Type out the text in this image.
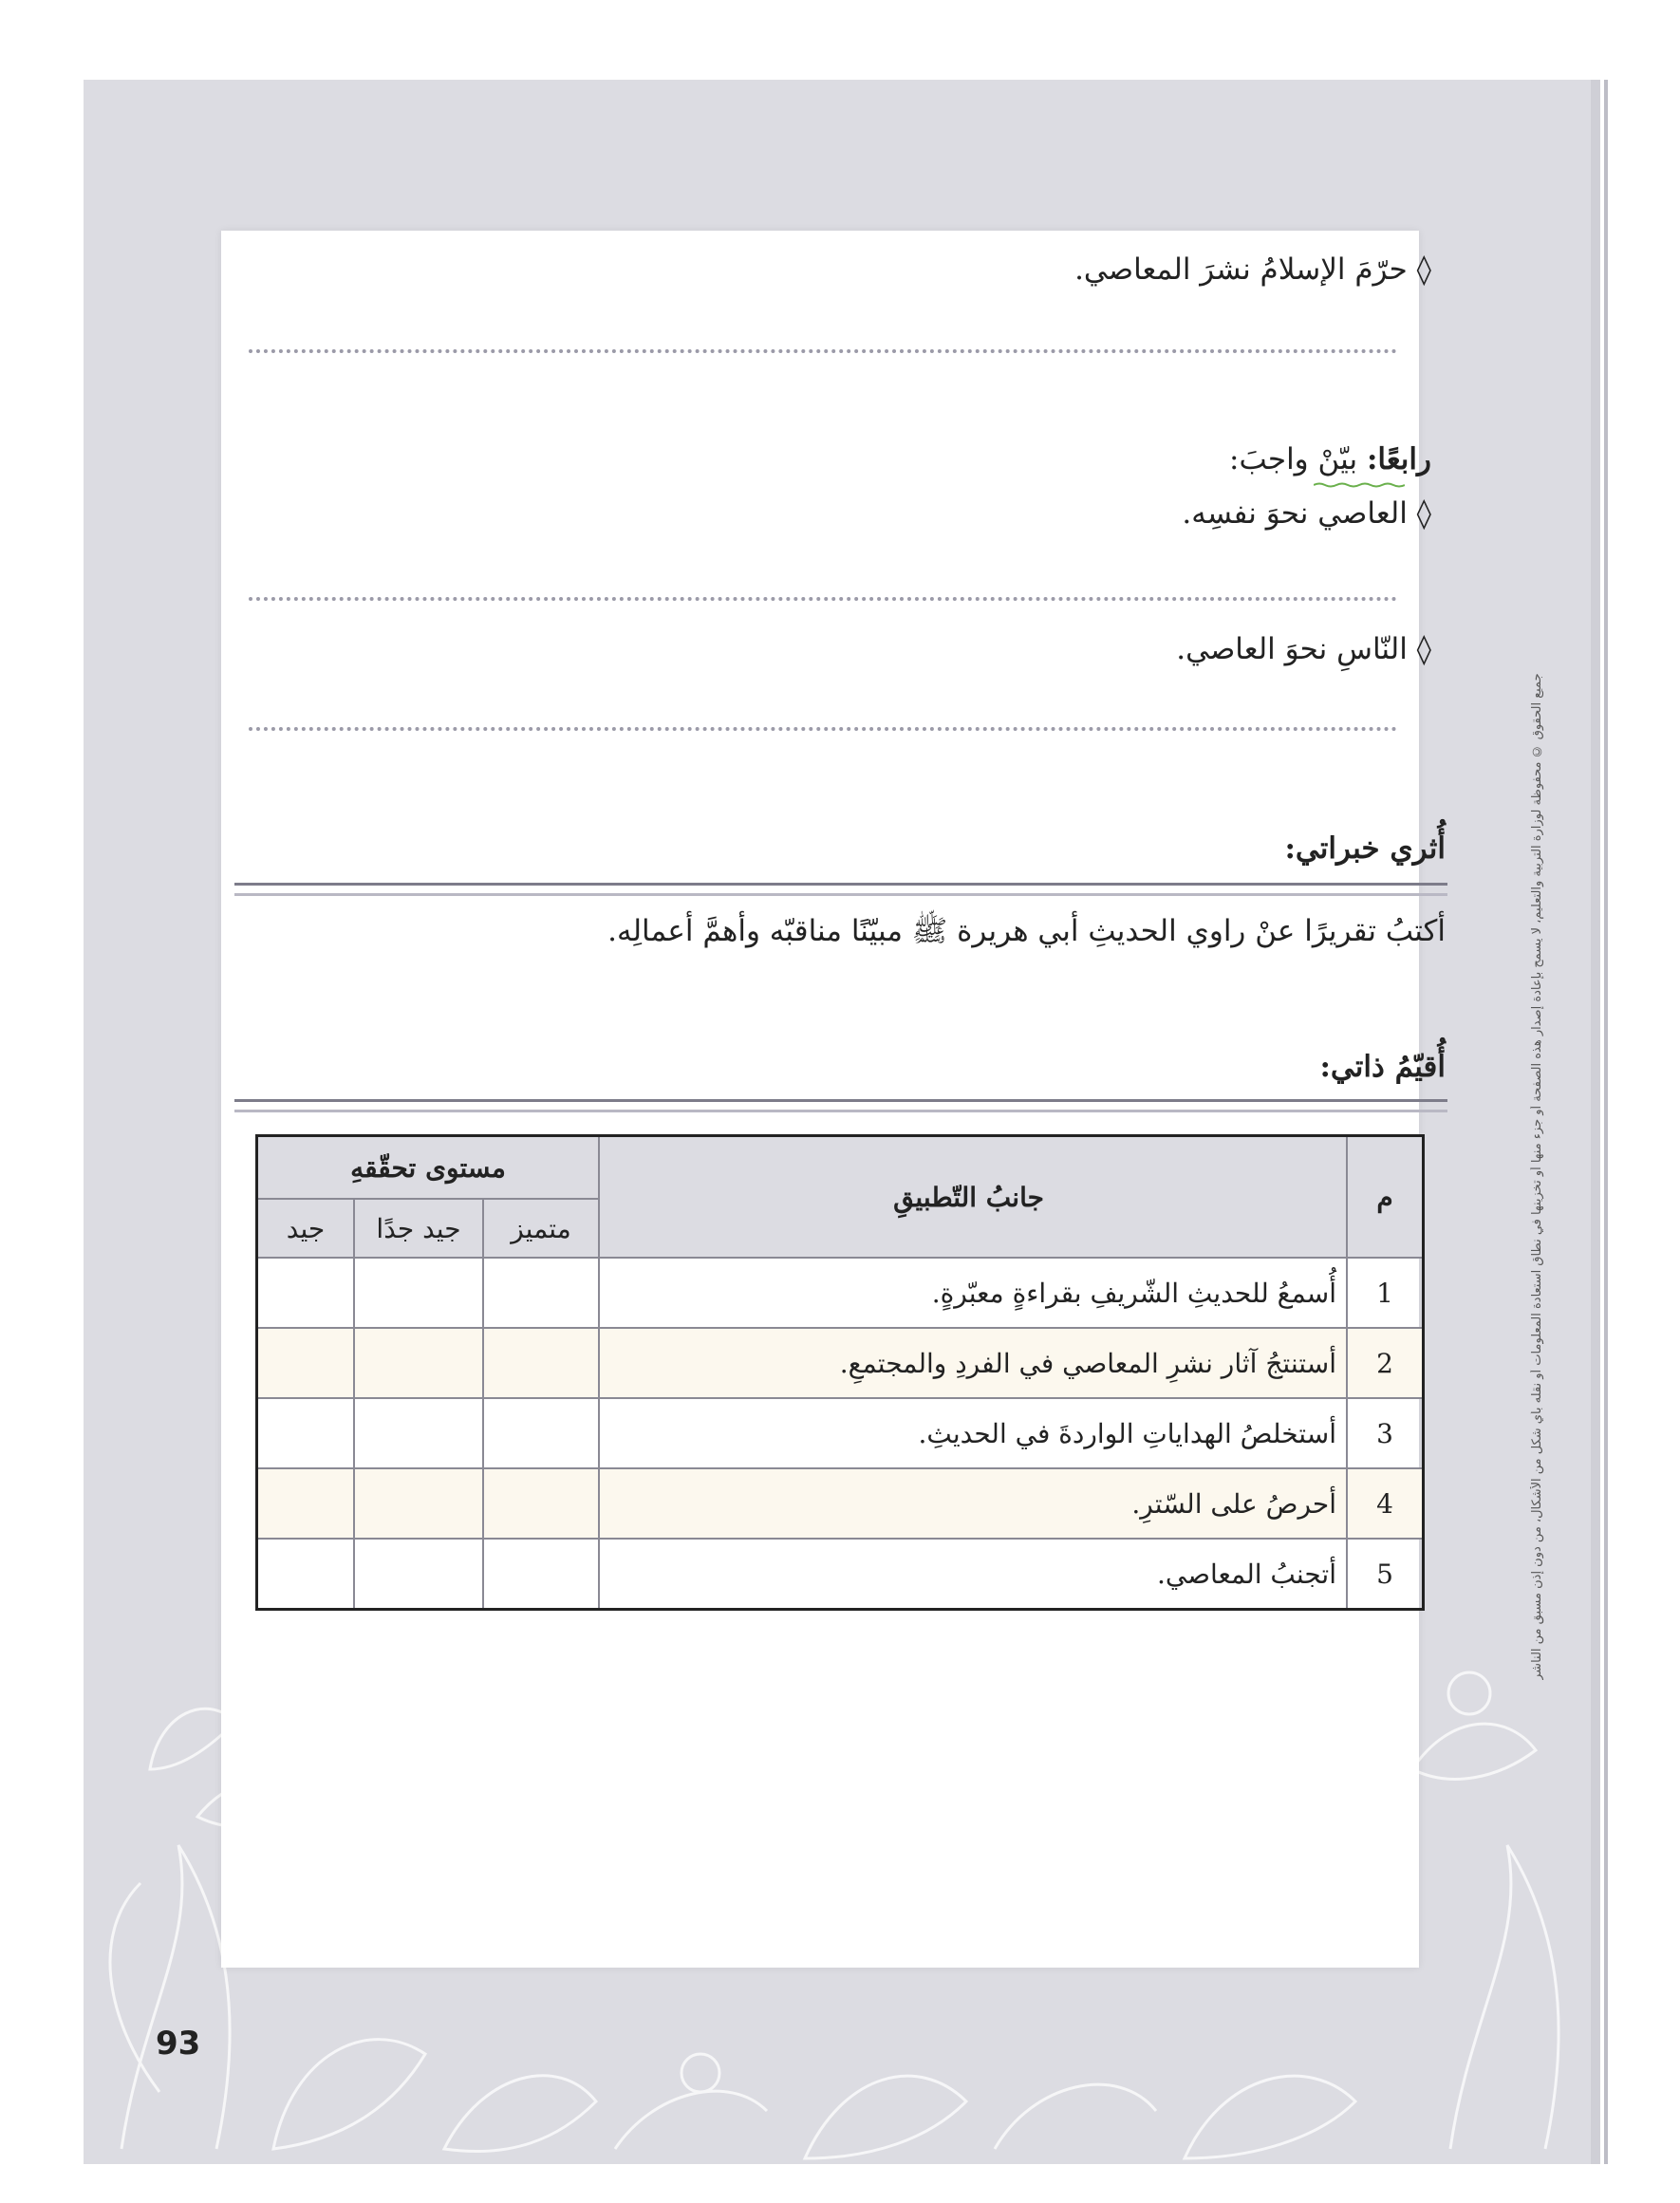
93
جميع الحقوق © محفوظة لوزارة التربية والتعليم، لا يسمح بإعادة إصدار هذه الصفحة أو جزء منها أو تخزينها في نطاق استعادة المعلومات أو نقله بأي شكل من الأشكال، من دون إذن مسبق من الناشر
◊ حرّمَ الإسلامُ نشرَ المعاصي.
رابعًا: بيّنْ واجبَ:
◊ العاصي نحوَ نفسِه.
◊ النّاسِ نحوَ العاصي.
أُثري خبراتي:
أكتبُ تقريرًا عنْ راوي الحديثِ أبي هريرة ﷺ مبيّنًا مناقبّه وأهمَّ أعمالِه.
أُقيّمُ ذاتي:
م	جانبُ التّطبيقِ	مستوى تحقّقهِ		
		متميز	جيد جدًا	جيد
1	أُسمعُ للحديثِ الشّريفِ بقراءةٍ معبّرةٍ.			
2	أستنتجُ آثار نشرِ المعاصي في الفردِ والمجتمعِ.			
3	أستخلصُ الهداياتِ الواردةَ في الحديثِ.			
4	أحرصُ على السّترِ.			
5	أتجنبُ المعاصي.			
